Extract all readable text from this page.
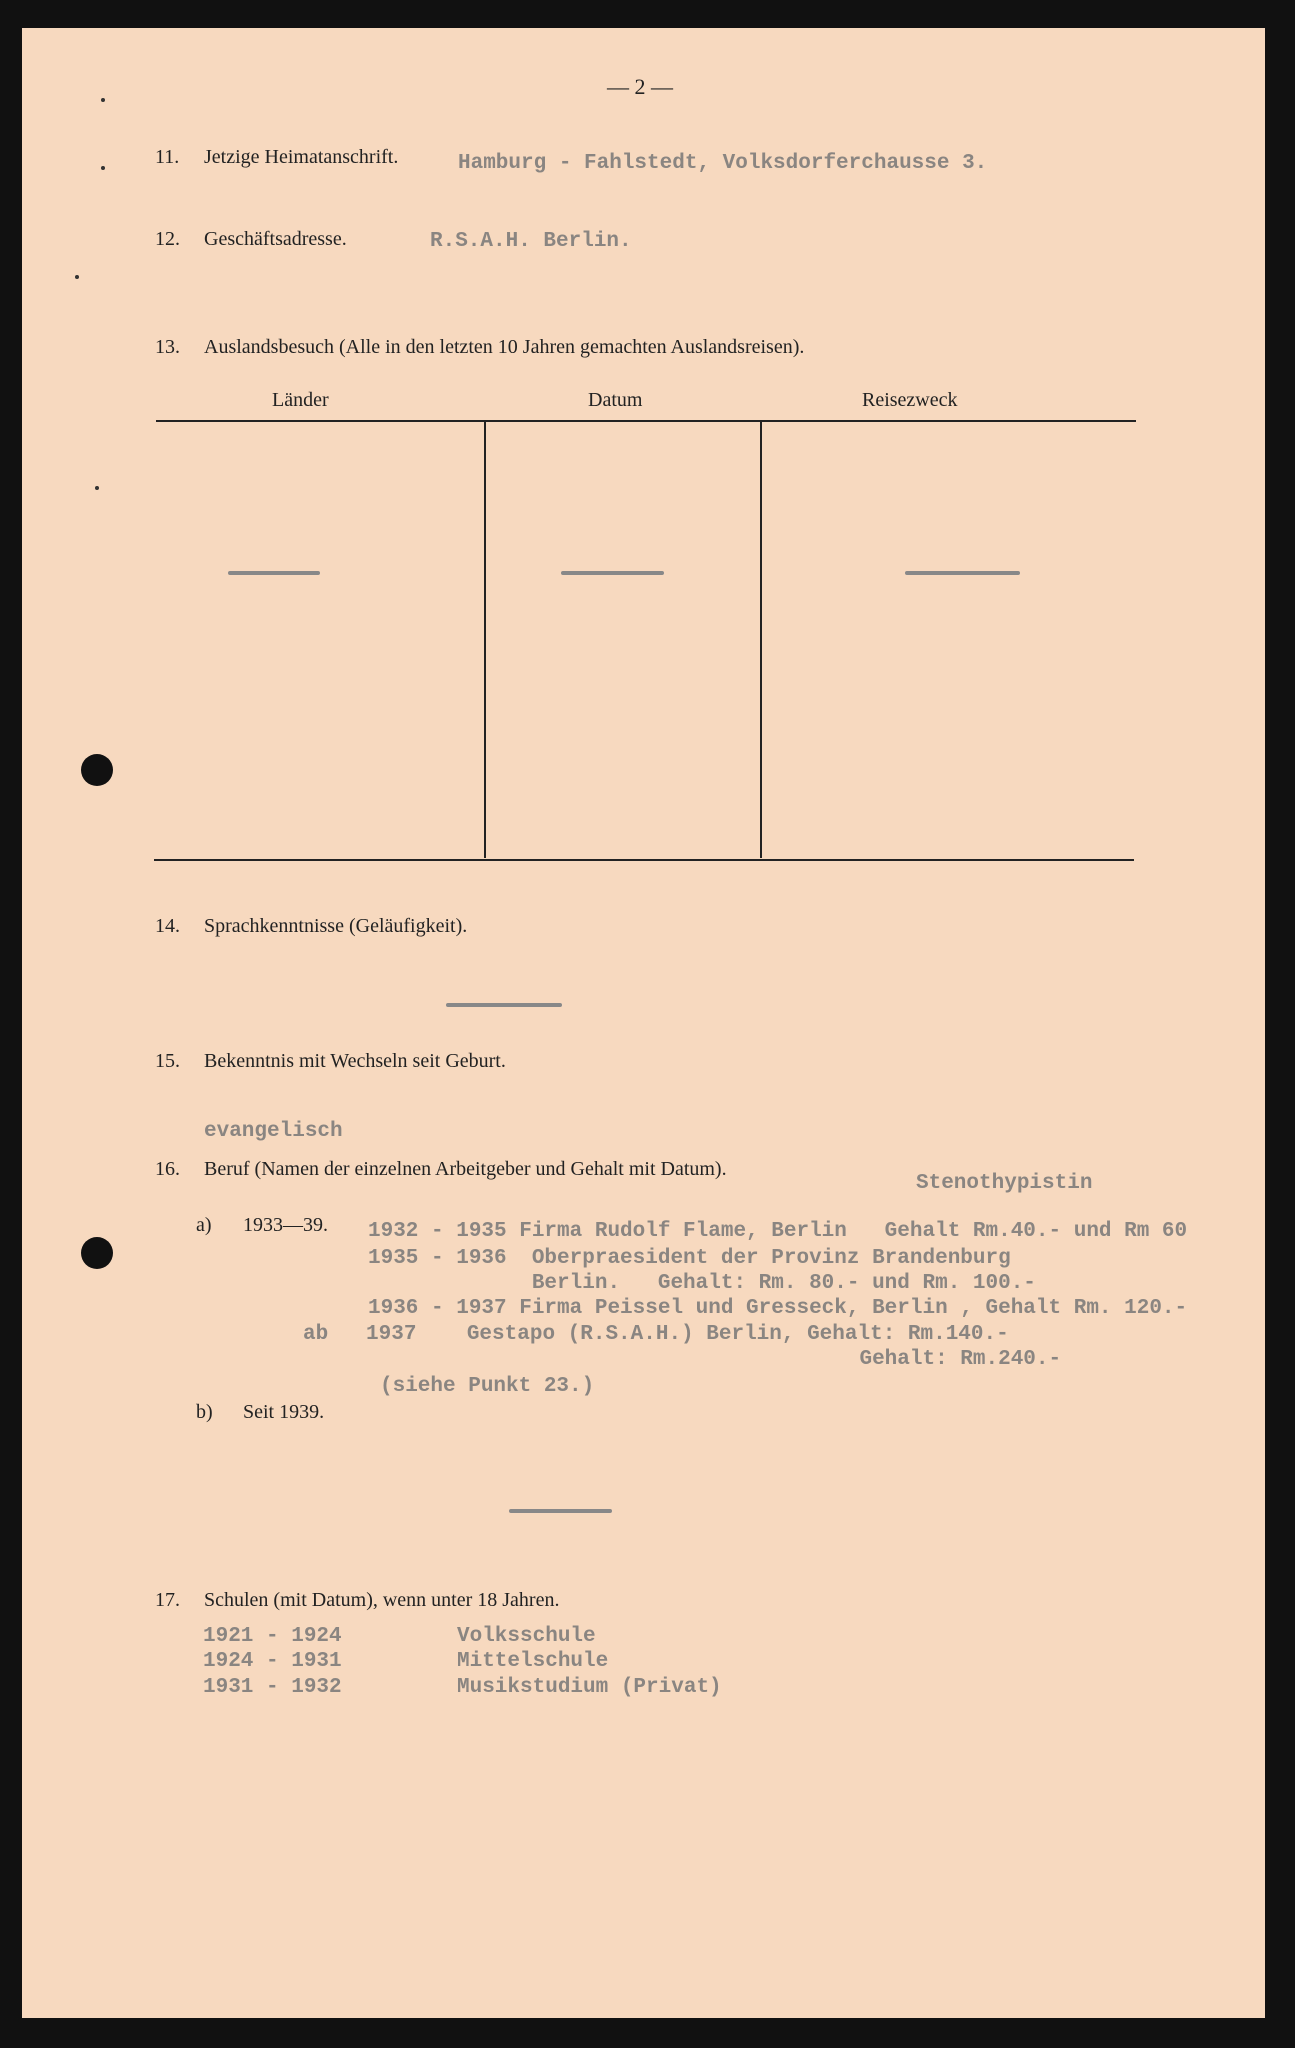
— 2 —
11. Jetzige Heimatanschrift.	Hamburg - Fahlstedt, Volksdorferchausse 3.
12. Geschäftsadresse.	R.S.A.H. Berlin.
13. Auslandsbesuch (Alle in den letzten 10 Jahren gemachten Auslandsreisen).
Länder	Datum	Reisezweck
14. Sprachkenntnisse (Geläufigkeit).
15. Bekenntnis mit Wechseln seit Geburt.
evangelisch
16. Beruf (Namen der einzelnen Arbeitgeber und Gehalt mit Datum).
Stenothypistin
a) 1933—39. 1932 - 1935 Firma Rudolf Flame, Berlin   Gehalt Rm.40.- und Rm 60
1935 - 1936  Oberpraesident der Provinz Brandenburg
Berlin.   Gehalt: Rm. 80.- und Rm. 100.-
1936 - 1937 Firma Peissel und Gresseck, Berlin , Gehalt Rm. 120.-
ab   1937    Gestapo (R.S.A.H.) Berlin, Gehalt: Rm.140.-
Gehalt: Rm.240.-
(siehe Punkt 23.)
b) Seit 1939.
17. Schulen (mit Datum), wenn unter 18 Jahren.
1921 - 1924	Volksschule
1924 - 1931	Mittelschule
1931 - 1932	Musikstudium (Privat)
